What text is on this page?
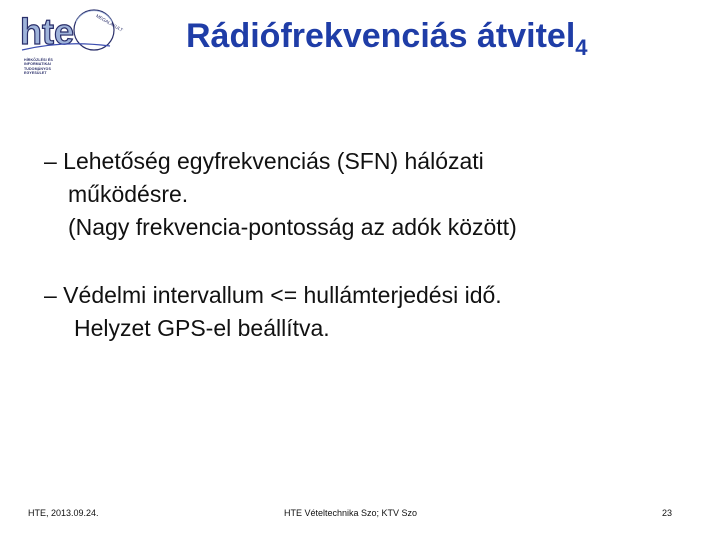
hte	MEGALAKULT
HÍRKÖZLÉSI ÉS
INFORMATIKAI
TUDOMÁNYOS
EGYESÜLET
Rádiófrekvenciás átvitel$_4$
– Lehetőség egyfrekvenciás (SFN) hálózati
működésre.
(Nagy frekvencia-pontosság az adók között)
– Védelmi intervallum <= hullámterjedési idő.
Helyzet GPS-el beállítva.
HTE, 2013.09.24.	HTE Vételtechnika Szo; KTV Szo	23
